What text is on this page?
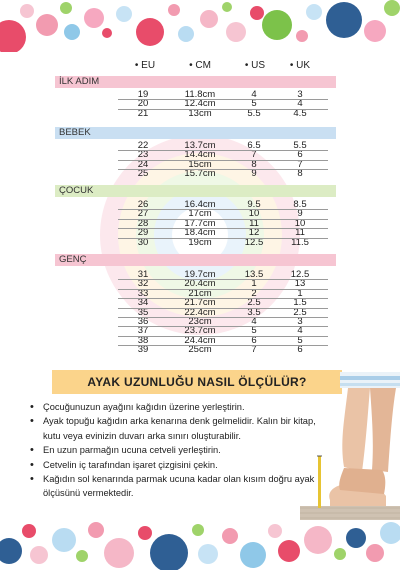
• EU	• CM	• US	• UK
İLK ADIM
19	11.8cm	4	3
20	12.4cm	5	4
21	13cm	5.5	4.5
BEBEK
22	13.7cm	6.5	5.5
23	14.4cm	7	6
24	15cm	8	7
25	15.7cm	9	8
ÇOCUK
26	16.4cm	9.5	8.5
27	17cm	10	9
28	17.7cm	11	10
29	18.4cm	12	11
30	19cm	12.5	11.5
GENÇ
31	19.7cm	13.5	12.5
32	20.4cm	1	13
33	21cm	2	1
34	21.7cm	2.5	1.5
35	22.4cm	3.5	2.5
36	23cm	4	3
37	23.7cm	5	4
38	24.4cm	6	5
39	25cm	7	6
AYAK UZUNLUĞU NASIL ÖLÇÜLÜR?
• Çocuğunuzun ayağını kağıdın üzerine yerleştirin.
• Ayak topuğu kağıdın arka kenarına denk gelmelidir. Kalın bir kitap, kutu veya evinizin duvarı arka sınırı oluşturabilir.
• En uzun parmağın ucuna cetveli yerleştirin.
• Cetvelin iç tarafından işaret çizgisini çekin.
• Kağıdın sol kenarında parmak ucuna kadar olan kısım doğru ayak ölçüsünü vermektedir.
